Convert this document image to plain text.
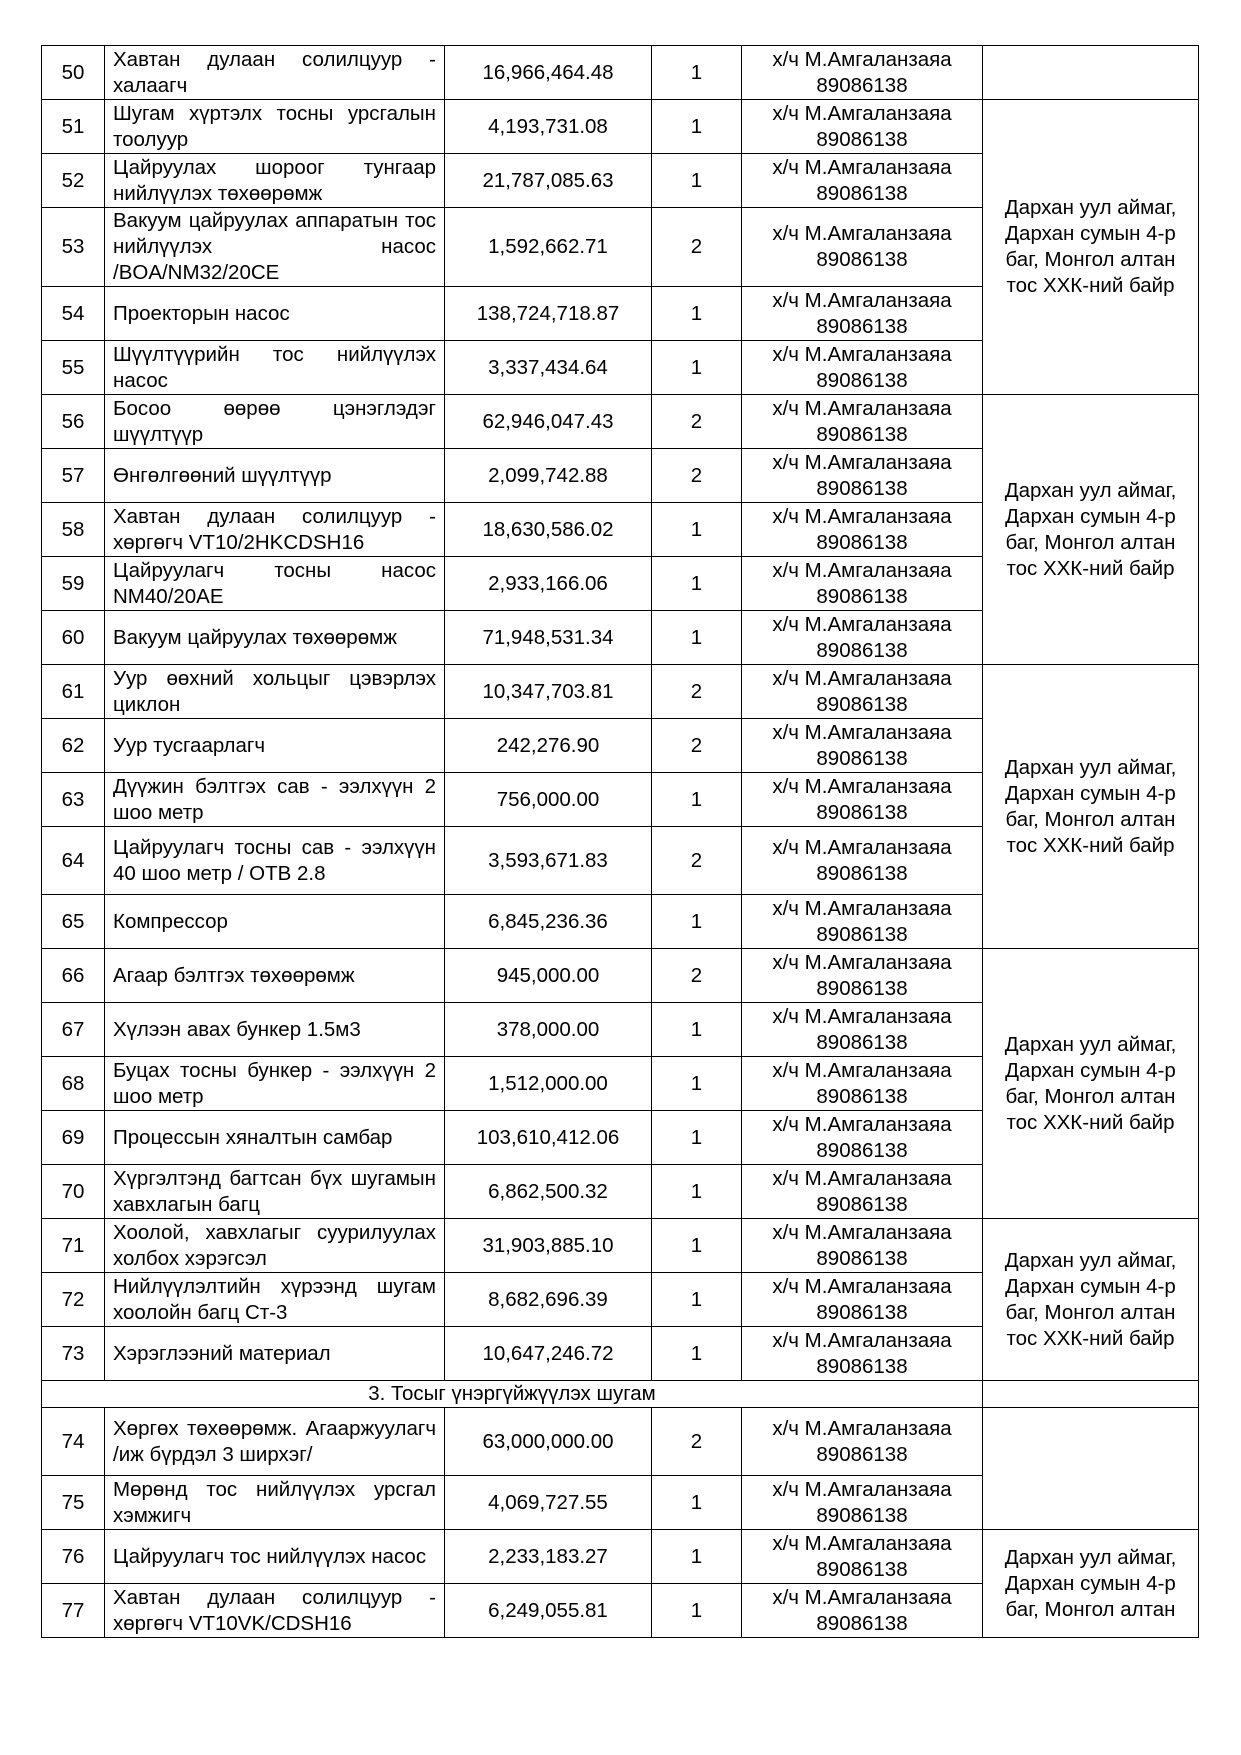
50	Хавтан дулаан солилцуур - халаагч	16,966,464.48	1	х/ч М.Амгаланзаяа
89086138	

51	Шугам хүртэлх тосны урсгалын тоолуур	4,193,731.08	1	х/ч М.Амгаланзаяа
89086138	Дархан уул аймаг, Дархан сумын 4-р баг, Монгол алтан тос ХХК-ний байр
52	Цайруулах шороог тунгаар нийлүүлэх төхөөрөмж	21,787,085.63	1	х/ч М.Амгаланзаяа
89086138	

53	Вакуум цайруулах аппаратын тос нийлүүлэх насос /BOA/NM32/20CE	1,592,662.71	2	х/ч М.Амгаланзаяа
89086138	

54	Проекторын насос	138,724,718.87	1	х/ч М.Амгаланзаяа
89086138	

55	Шүүлтүүрийн тос нийлүүлэх насос	3,337,434.64	1	х/ч М.Амгаланзаяа
89086138	

56	Босоо өөрөө цэнэглэдэг шүүлтүүр	62,946,047.43	2	х/ч М.Амгаланзаяа
89086138	Дархан уул аймаг, Дархан сумын 4-р баг, Монгол алтан тос ХХК-ний байр
57	Өнгөлгөөний шүүлтүүр	2,099,742.88	2	х/ч М.Амгаланзаяа
89086138	

58	Хавтан дулаан солилцуур - хөргөгч VT10/2HKCDSH16	18,630,586.02	1	х/ч М.Амгаланзаяа
89086138	

59	Цайруулагч тосны насос NM40/20AE	2,933,166.06	1	х/ч М.Амгаланзаяа
89086138	

60	Вакуум цайруулах төхөөрөмж	71,948,531.34	1	х/ч М.Амгаланзаяа
89086138	

61	Уур өөхний хольцыг цэвэрлэх циклон	10,347,703.81	2	х/ч М.Амгаланзаяа
89086138	Дархан уул аймаг, Дархан сумын 4-р баг, Монгол алтан тос ХХК-ний байр
62	Уур тусгаарлагч	242,276.90	2	х/ч М.Амгаланзаяа
89086138	

63	Дүүжин бэлтгэх сав - ээлхүүн 2 шоо метр	756,000.00	1	х/ч М.Амгаланзаяа
89086138	

64	Цайруулагч тосны сав - ээлхүүн 40 шоо метр / ОТВ 2.8	3,593,671.83	2	х/ч М.Амгаланзаяа
89086138	

65	Компрессор	6,845,236.36	1	х/ч М.Амгаланзаяа
89086138	

66	Агаар бэлтгэх төхөөрөмж	945,000.00	2	х/ч М.Амгаланзаяа
89086138	Дархан уул аймаг, Дархан сумын 4-р баг, Монгол алтан тос ХХК-ний байр
67	Хүлээн авах бункер 1.5м3	378,000.00	1	х/ч М.Амгаланзаяа
89086138	

68	Буцах тосны бункер - ээлхүүн 2 шоо метр	1,512,000.00	1	х/ч М.Амгаланзаяа
89086138	

69	Процессын хяналтын самбар	103,610,412.06	1	х/ч М.Амгаланзаяа
89086138	

70	Хүргэлтэнд багтсан бүх шугамын хавхлагын багц	6,862,500.32	1	х/ч М.Амгаланзаяа
89086138	

71	Хоолой, хавхлагыг суурилуулах холбох хэрэгсэл	31,903,885.10	1	х/ч М.Амгаланзаяа
89086138	Дархан уул аймаг, Дархан сумын 4-р баг, Монгол алтан тос ХХК-ний байр
72	Нийлүүлэлтийн хүрээнд шугам хоолойн багц Ст-3	8,682,696.39	1	х/ч М.Амгаланзаяа
89086138	

73	Хэрэглээний материал	10,647,246.72	1	х/ч М.Амгаланзаяа
89086138	

3. Тосыг үнэргүйжүүлэх шугам					
74	Хөргөх төхөөрөмж. Агааржуулагч /иж бүрдэл 3 ширхэг/	63,000,000.00	2	х/ч М.Амгаланзаяа
89086138	

75	Мөрөнд тос нийлүүлэх урсгал хэмжигч	4,069,727.55	1	х/ч М.Амгаланзаяа
89086138	

76	Цайруулагч тос нийлүүлэх насос	2,233,183.27	1	х/ч М.Амгаланзаяа
89086138	Дархан уул аймаг, Дархан сумын 4-р баг, Монгол алтан
77	Хавтан дулаан солилцуур - хөргөгч VT10VK/CDSH16	6,249,055.81	1	х/ч М.Амгаланзаяа
89086138	
